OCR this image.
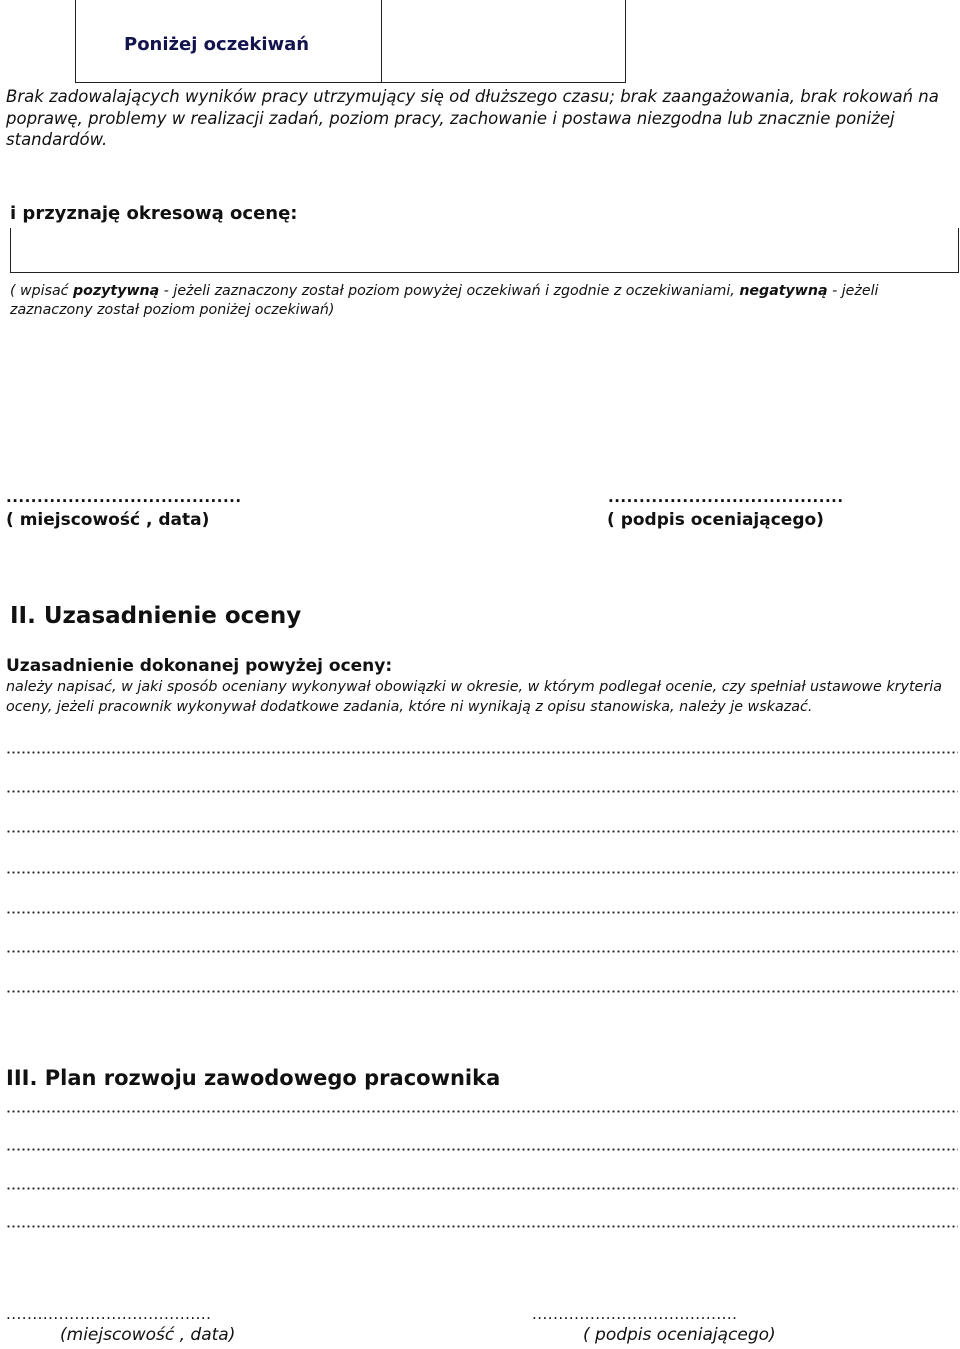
Poniżej oczekiwań
Brak zadowalających wyników pracy utrzymujący się od dłuższego czasu; brak zaangażowania, brak rokowań na poprawę, problemy w realizacji zadań, poziom pracy, zachowanie i postawa niezgodna lub znacznie poniżej standardów.
i przyznaję okresową ocenę:
( wpisać pozytywną - jeżeli zaznaczony został poziom powyżej oczekiwań i zgodnie z oczekiwaniami, negatywną - jeżeli zaznaczony został poziom poniżej oczekiwań)
......................................
( miejscowość , data)
......................................
( podpis oceniającego)
II. Uzasadnienie oceny
Uzasadnienie dokonanej powyżej oceny:
należy napisać, w jaki sposób oceniany wykonywał obowiązki w okresie, w którym podlegał ocenie, czy spełniał ustawowe kryteria oceny, jeżeli pracownik wykonywał dodatkowe zadania, które ni wynikają z opisu stanowiska, należy je wskazać.
III. Plan rozwoju zawodowego pracownika
.......................................
(miejscowość , data)
.......................................
( podpis oceniającego)
